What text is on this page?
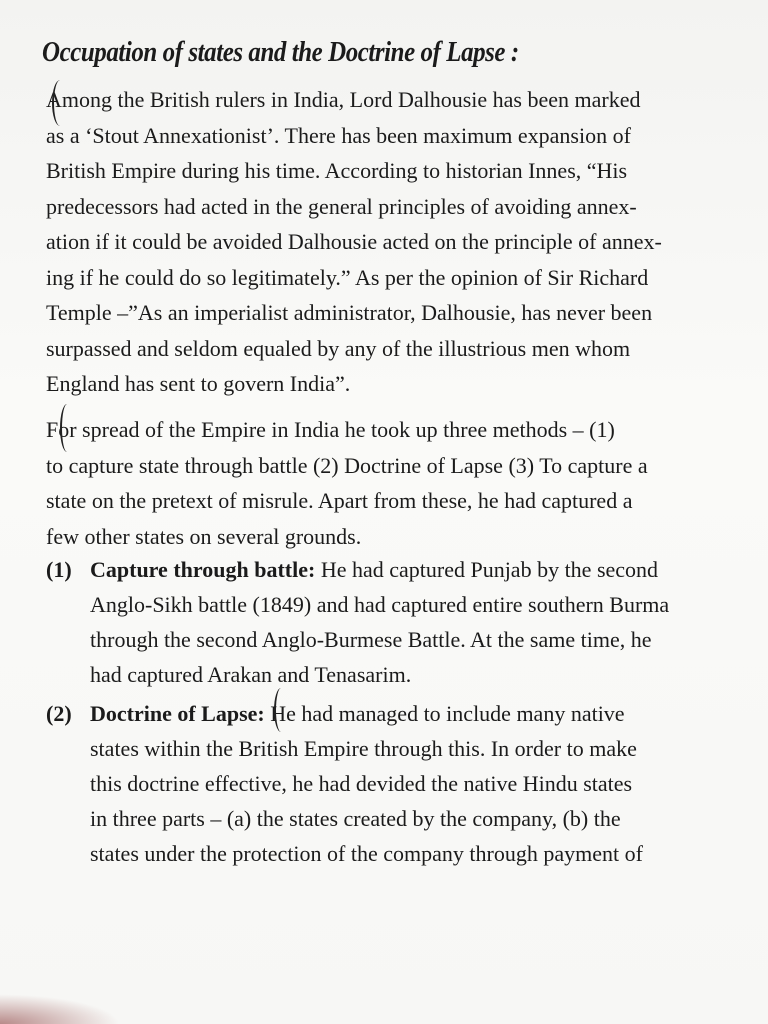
Occupation of states and the Doctrine of Lapse :
Among the British rulers in India, Lord Dalhousie has been marked
as a ‘Stout Annexationist’. There has been maximum expansion of
British Empire during his time. According to historian Innes, “His
predecessors had acted in the general principles of avoiding annex-
ation if it could be avoided Dalhousie acted on the principle of annex-
ing if he could do so legitimately.” As per the opinion of Sir Richard
Temple –”As an imperialist administrator, Dalhousie, has never been
surpassed and seldom equaled by any of the illustrious men whom
England has sent to govern India”.
For spread of the Empire in India he took up three methods – (1)
to capture state through battle (2) Doctrine of Lapse (3) To capture a
state on the pretext of misrule. Apart from these, he had captured a
few other states on several grounds.
(1) Capture through battle: He had captured Punjab by the second
Anglo-Sikh battle (1849) and had captured entire southern Burma
through the second Anglo-Burmese Battle. At the same time, he
had captured Arakan and Tenasarim.
(2) Doctrine of Lapse: He had managed to include many native
states within the British Empire through this. In order to make
this doctrine effective, he had devided the native Hindu states
in three parts – (a) the states created by the company, (b) the
states under the protection of the company through payment of
